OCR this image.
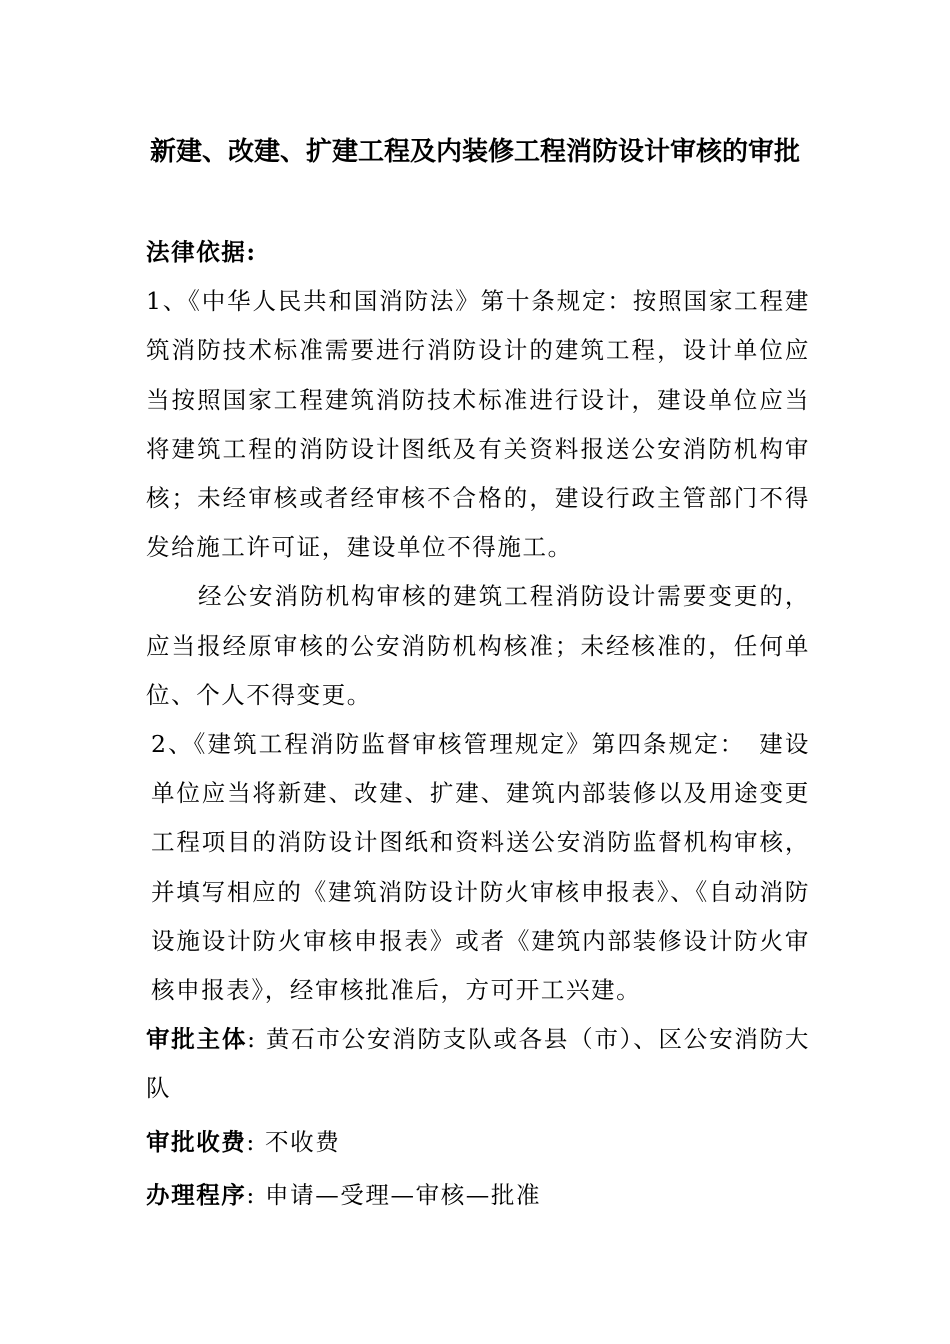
新建、改建、扩建工程及内装修工程消防设计审核的审批

法律依据:

1、《中华人民共和国消防法》第十条规定：按照国家工程建筑消防技术标准需要进行消防设计的建筑工程，设计单位应当按照国家工程建筑消防技术标准进行设计，建设单位应当将建筑工程的消防设计图纸及有关资料报送公安消防机构审核；未经审核或者经审核不合格的，建设行政主管部门不得发给施工许可证，建设单位不得施工。

经公安消防机构审核的建筑工程消防设计需要变更的，应当报经原审核的公安消防机构核准；未经核准的，任何单位、个人不得变更。

2、《建筑工程消防监督审核管理规定》第四条规定：　建设单位应当将新建、改建、扩建、建筑内部装修以及用途变更工程项目的消防设计图纸和资料送公安消防监督机构审核，并填写相应的《建筑消防设计防火审核申报表》、《自动消防设施设计防火审核申报表》或者《建筑内部装修设计防火审核申报表》，经审核批准后，方可开工兴建。

审批主体: 黄石市公安消防支队或各县（市）、区公安消防大队

审批收费: 不收费

办理程序: 申请—受理—审核—批准
